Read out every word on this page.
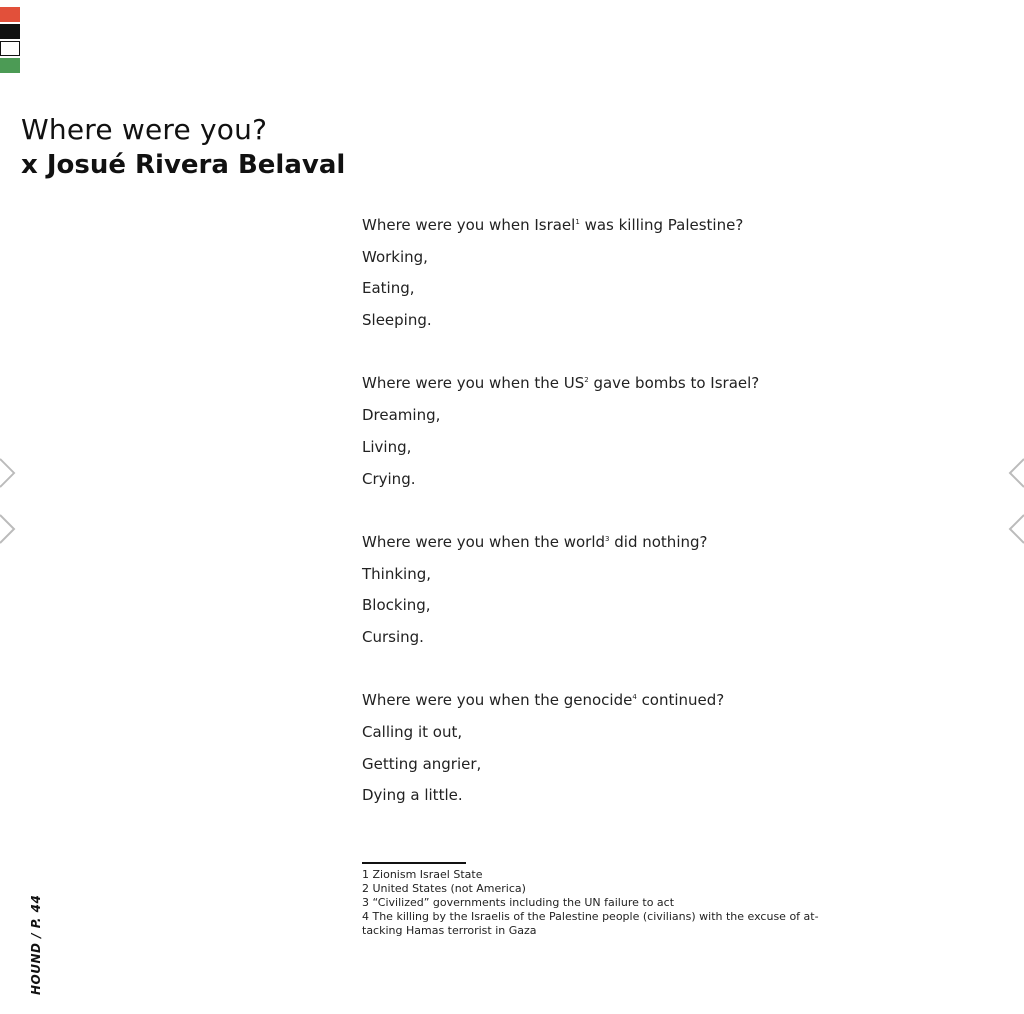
Where were you?
x Josué Rivera Belaval
Where were you when Israel$^1$ was killing Palestine?
Working,
Eating,
Sleeping.
Where were you when the $US^2$ gave bombs to Israel?
Dreaming,
Living,
Crying.
Where were you when the world$^3$ did nothing?
Thinking,
Blocking,
Cursing.
Where were you when the genocide$^4$ continued?
Calling it out,
Getting angrier,
Dying a little.
1 Zionism Israel State
2 United States (not America)
3 “Civilized” governments including the UN failure to act
4 The killing by the Israelis of the Palestine people (civilians) with the excuse of at-tacking Hamas terrorist in Gaza
HOUND / P. 44
